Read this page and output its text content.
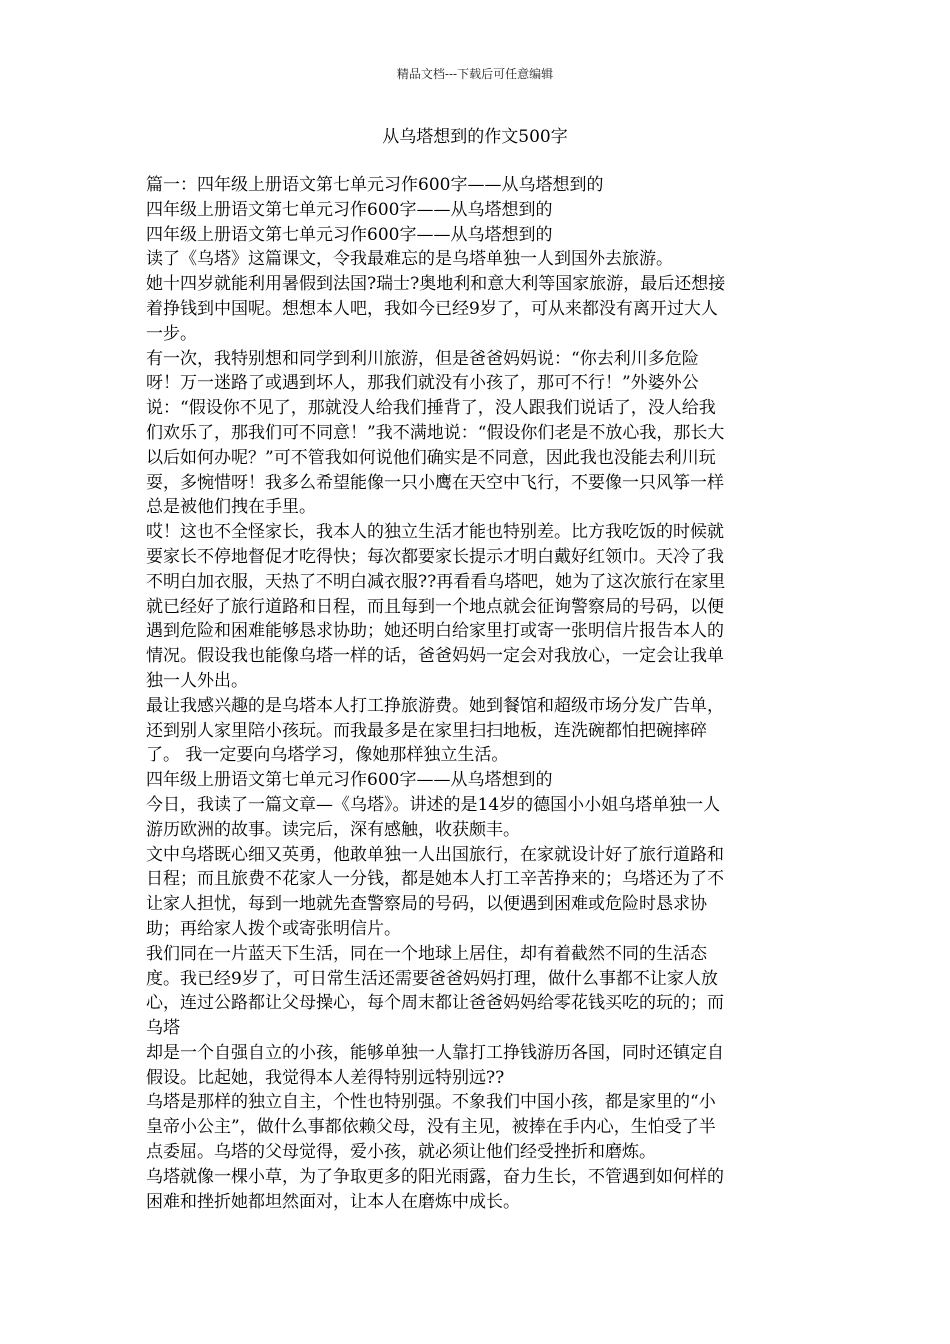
精品文档---下载后可任意编辑
从乌塔想到的作文500字
篇一：四年级上册语文第七单元习作600字——从乌塔想到的
四年级上册语文第七单元习作600字——从乌塔想到的
四年级上册语文第七单元习作600字——从乌塔想到的
读了《乌塔》这篇课文，令我最难忘的是乌塔单独一人到国外去旅游。
她十四岁就能利用暑假到法国?瑞士?奥地利和意大利等国家旅游，最后还想接
着挣钱到中国呢。想想本人吧，我如今已经9岁了，可从来都没有离开过大人
一步。
有一次，我特别想和同学到利川旅游，但是爸爸妈妈说：“你去利川多危险
呀！万一迷路了或遇到坏人，那我们就没有小孩了，那可不行！”外婆外公
说：“假设你不见了，那就没人给我们捶背了，没人跟我们说话了，没人给我
们欢乐了，那我们可不同意！”我不满地说：“假设你们老是不放心我，那长大
以后如何办呢？”可不管我如何说他们确实是不同意，因此我也没能去利川玩
耍，多惋惜呀！我多么希望能像一只小鹰在天空中飞行，不要像一只风筝一样
总是被他们拽在手里。
哎！这也不全怪家长，我本人的独立生活才能也特别差。比方我吃饭的时候就
要家长不停地督促才吃得快；每次都要家长提示才明白戴好红领巾。天冷了我
不明白加衣服，天热了不明白减衣服??再看看乌塔吧，她为了这次旅行在家里
就已经好了旅行道路和日程，而且每到一个地点就会征询警察局的号码，以便
遇到危险和困难能够恳求协助；她还明白给家里打或寄一张明信片报告本人的
情况。假设我也能像乌塔一样的话，爸爸妈妈一定会对我放心，一定会让我单
独一人外出。
最让我感兴趣的是乌塔本人打工挣旅游费。她到餐馆和超级市场分发广告单，
还到别人家里陪小孩玩。而我最多是在家里扫扫地板，连洗碗都怕把碗摔碎
了。 我一定要向乌塔学习，像她那样独立生活。
四年级上册语文第七单元习作600字——从乌塔想到的
今日，我读了一篇文章—《乌塔》。讲述的是14岁的德国小小姐乌塔单独一人
游历欧洲的故事。读完后，深有感触，收获颇丰。
文中乌塔既心细又英勇，他敢单独一人出国旅行，在家就设计好了旅行道路和
日程；而且旅费不花家人一分钱，都是她本人打工辛苦挣来的；乌塔还为了不
让家人担忧，每到一地就先查警察局的号码，以便遇到困难或危险时恳求协
助；再给家人拨个或寄张明信片。
我们同在一片蓝天下生活，同在一个地球上居住，却有着截然不同的生活态
度。我已经9岁了，可日常生活还需要爸爸妈妈打理，做什么事都不让家人放
心，连过公路都让父母操心，每个周末都让爸爸妈妈给零花钱买吃的玩的；而
乌塔
却是一个自强自立的小孩，能够单独一人靠打工挣钱游历各国，同时还镇定自
假设。比起她，我觉得本人差得特别远特别远??
乌塔是那样的独立自主，个性也特别强。不象我们中国小孩，都是家里的“小
皇帝小公主”，做什么事都依赖父母，没有主见，被捧在手内心，生怕受了半
点委屈。乌塔的父母觉得，爱小孩，就必须让他们经受挫折和磨炼。
乌塔就像一棵小草，为了争取更多的阳光雨露，奋力生长，不管遇到如何样的
困难和挫折她都坦然面对，让本人在磨炼中成长。
